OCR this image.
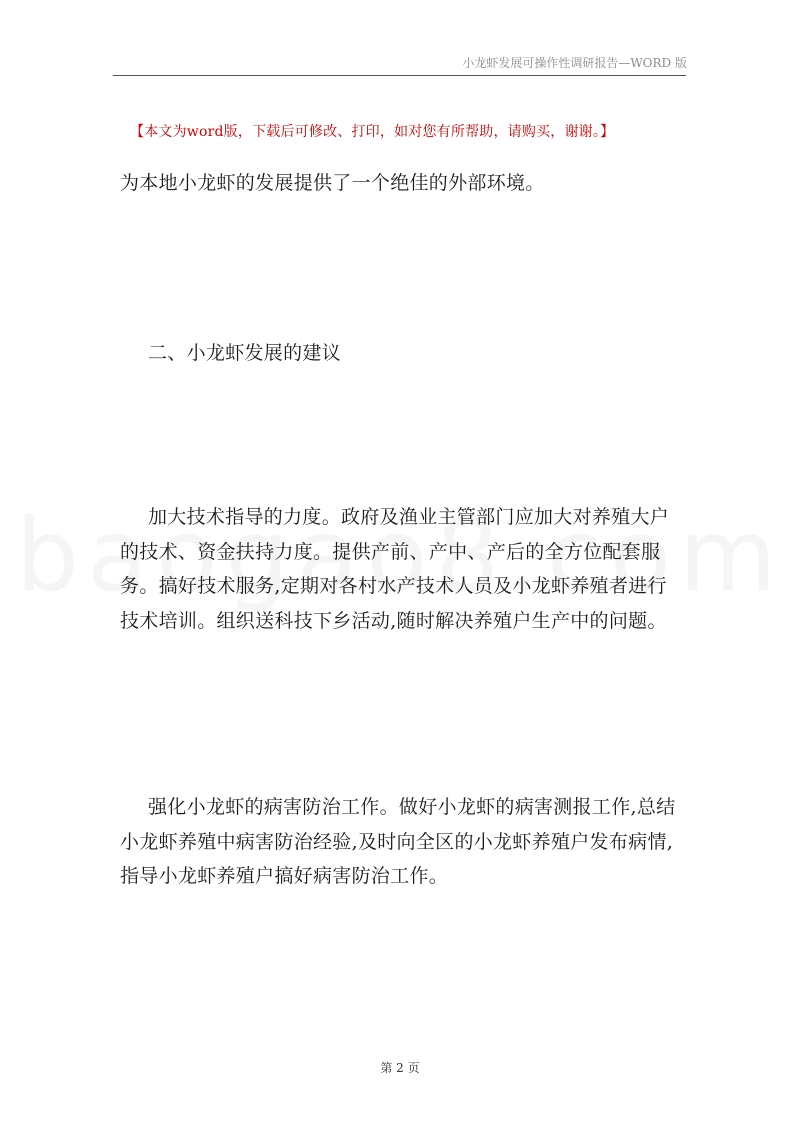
小龙虾发展可操作性调研报告—WORD 版
【本文为word版，下载后可修改、打印，如对您有所帮助，请购买，谢谢。】

为本地小龙虾的发展提供了一个绝佳的外部环境。

二、小龙虾发展的建议

加大技术指导的力度。政府及渔业主管部门应加大对养殖大户的技术、资金扶持力度。提供产前、产中、产后的全方位配套服务。搞好技术服务,定期对各村水产技术人员及小龙虾养殖者进行技术培训。组织送科技下乡活动,随时解决养殖户生产中的问题。

强化小龙虾的病害防治工作。做好小龙虾的病害测报工作,总结小龙虾养殖中病害防治经验,及时向全区的小龙虾养殖户发布病情,指导小龙虾养殖户搞好病害防治工作。

第 2 页
